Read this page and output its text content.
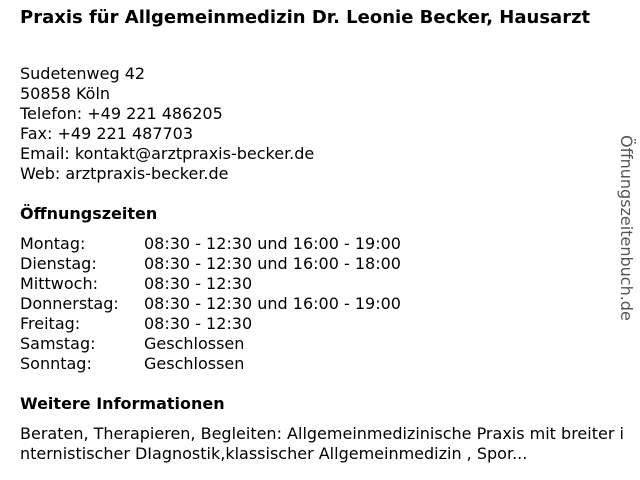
Praxis für Allgemeinmedizin Dr. Leonie Becker, Hausarzt
Sudetenweg 42
50858 Köln
Telefon: +49 221 486205
Fax: +49 221 487703
Email: kontakt@arztpraxis-becker.de
Web: arztpraxis-becker.de
Öffnungszeiten
Montag:	08:30 - 12:30 und 16:00 - 19:00
Dienstag:	08:30 - 12:30 und 16:00 - 18:00
Mittwoch:	08:30 - 12:30
Donnerstag:	08:30 - 12:30 und 16:00 - 19:00
Freitag:	08:30 - 12:30
Samstag:	Geschlossen
Sonntag:	Geschlossen
Weitere Informationen
Beraten, Therapieren, Begleiten: Allgemeinmedizinische Praxis mit breiter internistischer DIagnostik,klassischer Allgemeinmedizin , Spor...
Öffnungszeitenbuch.de
